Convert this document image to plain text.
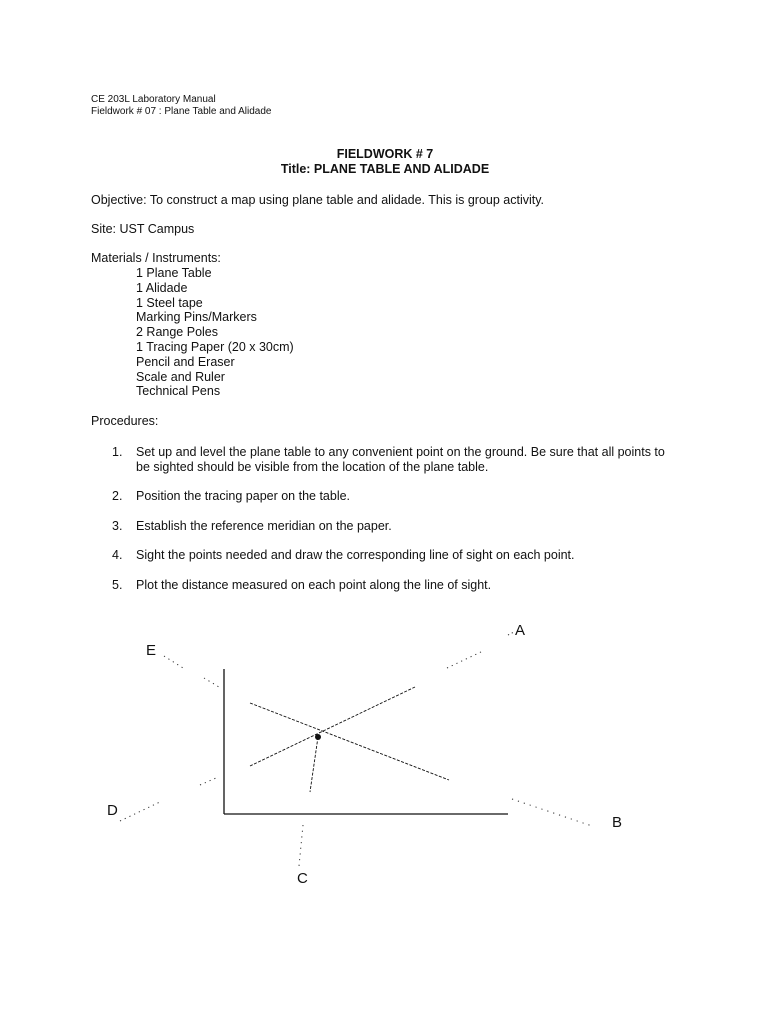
CE 203L Laboratory Manual
Fieldwork # 07 : Plane Table and Alidade
FIELDWORK # 7
Title: PLANE TABLE AND ALIDADE
Objective: To construct a map using plane table and alidade. This is group activity.
Site: UST Campus
Materials / Instruments:
1 Plane Table
1 Alidade
1 Steel tape
Marking Pins/Markers
2 Range Poles
1 Tracing Paper (20 x 30cm)
Pencil and Eraser
Scale and Ruler
Technical Pens
Procedures:
1. Set up and level the plane table to any convenient point on the ground. Be sure that all points to
be sighted should be visible from the location of the plane table.
2. Position the tracing paper on the table.
3. Establish the reference meridian on the paper.
4. Sight the points needed and draw the corresponding line of sight on each point.
5. Plot the distance measured on each point along the line of sight.
A
B
C
D
E
